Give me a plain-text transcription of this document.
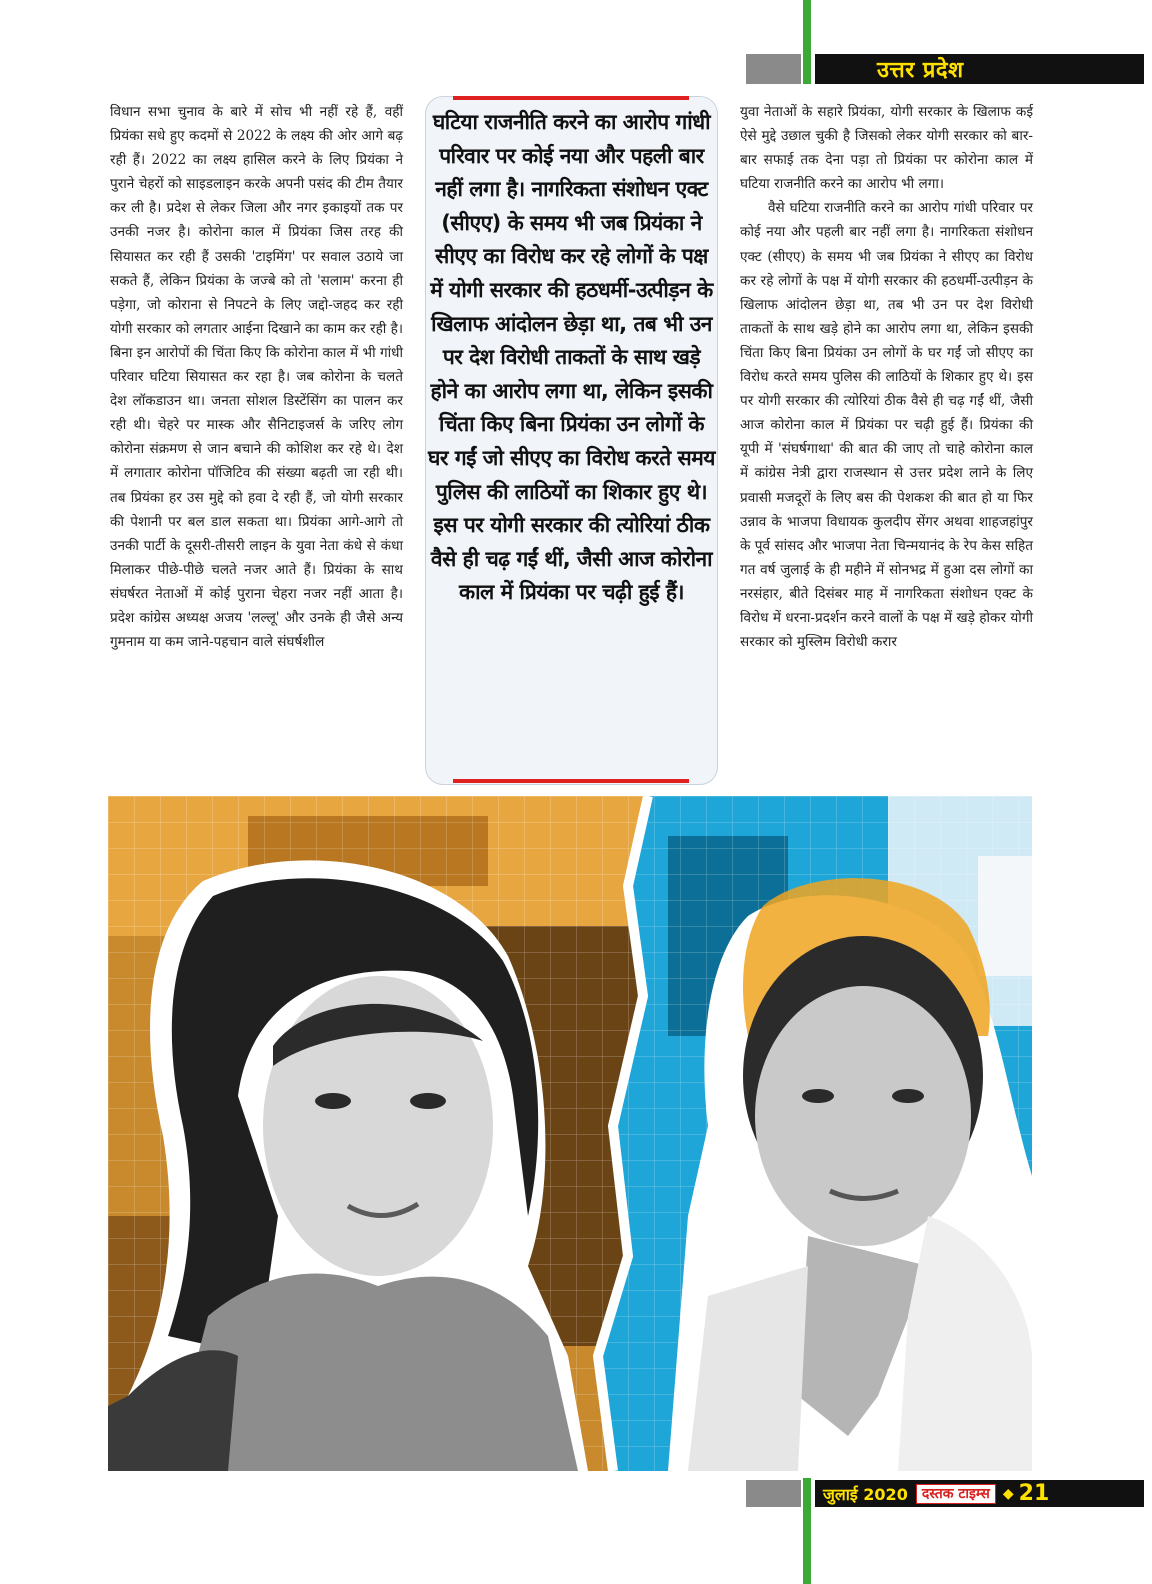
उत्तर प्रदेश

विधान सभा चुनाव के बारे में सोच भी नहीं रहे हैं, वहीं प्रियंका सधे हुए कदमों से 2022 के लक्ष्य की ओर आगे बढ़ रही हैं। 2022 का लक्ष्य हासिल करने के लिए प्रियंका ने पुराने चेहरों को साइडलाइन करके अपनी पसंद की टीम तैयार कर ली है। प्रदेश से लेकर जिला और नगर इकाइयों तक पर उनकी नजर है। कोरोना काल में प्रियंका जिस तरह की सियासत कर रही हैं उसकी 'टाइमिंग' पर सवाल उठाये जा सकते हैं, लेकिन प्रियंका के जज्बे को तो 'सलाम' करना ही पड़ेगा, जो कोराना से निपटने के लिए जद्दो-जहद कर रही योगी सरकार को लगतार आईना दिखाने का काम कर रही है। बिना इन आरोपों की चिंता किए कि कोरोना काल में भी गांधी परिवार घटिया सियासत कर रहा है। जब कोरोना के चलते देश लॉकडाउन था। जनता सोशल डिस्टेंसिंग का पालन कर रही थी। चेहरे पर मास्क और सैनिटाइजर्स के जरिए लोग कोरोना संक्रमण से जान बचाने की कोशिश कर रहे थे। देश में लगातार कोरोना पॉजिटिव की संख्या बढ़ती जा रही थी। तब प्रियंका हर उस मुद्दे को हवा दे रही हैं, जो योगी सरकार की पेशानी पर बल डाल सकता था। प्रियंका आगे-आगे तो उनकी पार्टी के दूसरी-तीसरी लाइन के युवा नेता कंधे से कंधा मिलाकर पीछे-पीछे चलते नजर आते हैं। प्रियंका के साथ संघर्षरत नेताओं में कोई पुराना चेहरा नजर नहीं आता है। प्रदेश कांग्रेस अध्यक्ष अजय 'लल्लू' और उनके ही जैसे अन्य गुमनाम या कम जाने-पहचान वाले संघर्षशील

घटिया राजनीति करने का आरोप गांधी परिवार पर कोई नया और पहली बार नहीं लगा है। नागरिकता संशोधन एक्ट (सीएए) के समय भी जब प्रियंका ने सीएए का विरोध कर रहे लोगों के पक्ष में योगी सरकार की हठधर्मी-उत्पीड़न के खिलाफ आंदोलन छेड़ा था, तब भी उन पर देश विरोधी ताकतों के साथ खड़े होने का आरोप लगा था, लेकिन इसकी चिंता किए बिना प्रियंका उन लोगों के घर गईं जो सीएए का विरोध करते समय पुलिस की लाठियों का शिकार हुए थे। इस पर योगी सरकार की त्योरियां ठीक वैसे ही चढ़ गईं थीं, जैसी आज कोरोना काल में प्रियंका पर चढ़ी हुई हैं।

युवा नेताओं के सहारे प्रियंका, योगी सरकार के खिलाफ कई ऐसे मुद्दे उछाल चुकी है जिसको लेकर योगी सरकार को बार-बार सफाई तक देना पड़ा तो प्रियंका पर कोरोना काल में घटिया राजनीति करने का आरोप भी लगा।

वैसे घटिया राजनीति करने का आरोप गांधी परिवार पर कोई नया और पहली बार नहीं लगा है। नागरिकता संशोधन एक्ट (सीएए) के समय भी जब प्रियंका ने सीएए का विरोध कर रहे लोगों के पक्ष में योगी सरकार की हठधर्मी-उत्पीड़न के खिलाफ आंदोलन छेड़ा था, तब भी उन पर देश विरोधी ताकतों के साथ खड़े होने का आरोप लगा था, लेकिन इसकी चिंता किए बिना प्रियंका उन लोगों के घर गईं जो सीएए का विरोध करते समय पुलिस की लाठियों के शिकार हुए थे। इस पर योगी सरकार की त्योरियां ठीक वैसे ही चढ़ गईं थीं, जैसी आज कोरोना काल में प्रियंका पर चढ़ी हुई हैं। प्रियंका की यूपी में 'संघर्षगाथा' की बात की जाए तो चाहे कोरोना काल में कांग्रेस नेत्री द्वारा राजस्थान से उत्तर प्रदेश लाने के लिए प्रवासी मजदूरों के लिए बस की पेशकश की बात हो या फिर उन्नाव के भाजपा विधायक कुलदीप सेंगर अथवा शाहजहांपुर के पूर्व सांसद और भाजपा नेता चिन्मयानंद के रेप केस सहित गत वर्ष जुलाई के ही महीने में सोनभद्र में हुआ दस लोगों का नरसंहार, बीते दिसंबर माह में नागरिकता संशोधन एक्ट के विरोध में धरना-प्रदर्शन करने वालों के पक्ष में खड़े होकर योगी सरकार को मुस्लिम विरोधी करार

जुलाई 2020	दस्तक टाइम्स ◆ 21
